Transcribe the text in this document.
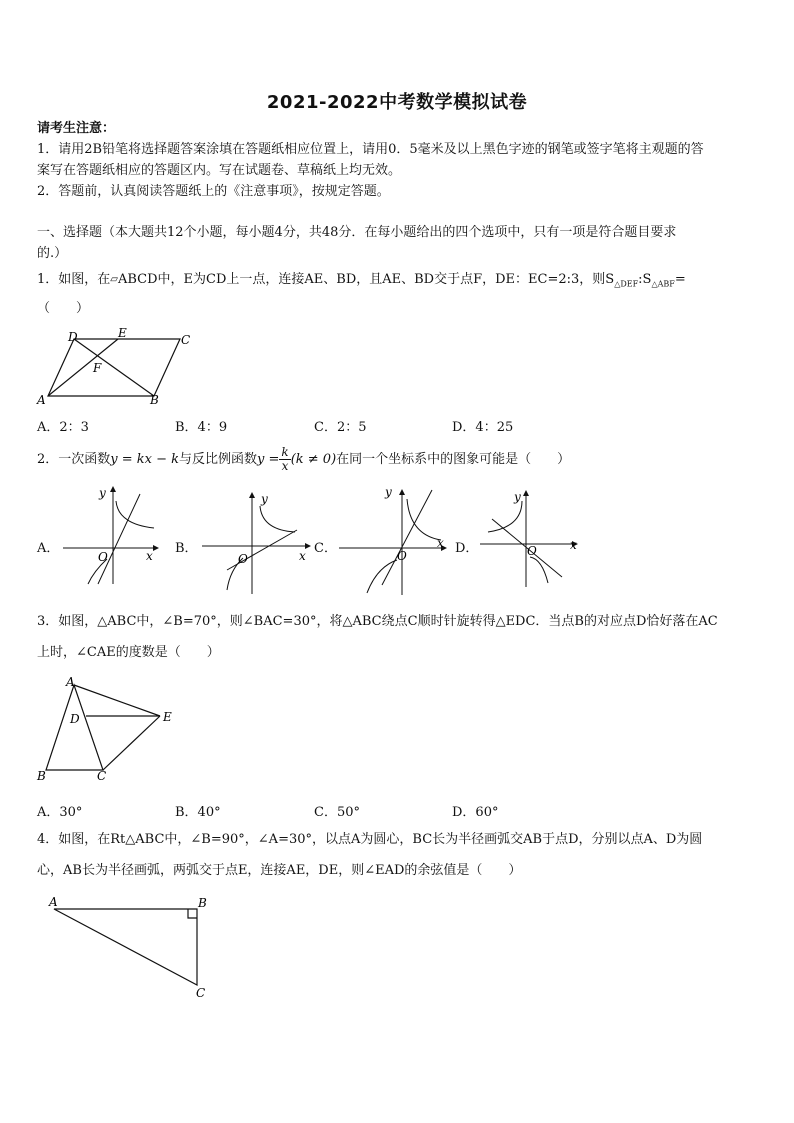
2021-2022中考数学模拟试卷
请考生注意：
1．请用2B铅笔将选择题答案涂填在答题纸相应位置上，请用0．5毫米及以上黑色字迹的钢笔或签字笔将主观题的答
案写在答题纸相应的答题区内。写在试题卷、草稿纸上均无效。
2．答题前，认真阅读答题纸上的《注意事项》，按规定答题。
一、选择题（本大题共12个小题，每小题4分，共48分．在每小题给出的四个选项中，只有一项是符合题目要求
的.）
1．如图，在▱ABCD中，E为CD上一点，连接AE、BD，且AE、BD交于点F，DE：EC=2:3，则$S_{\triangle DEF}:S_{\triangle ABF}=$
（　　）
D	E	C
F
A	B
A．2：3	B．4：9	C．2：5	D．4：25
2．一次函数y = kx − k与反比例函数$y = \frac{k}{x} (k \ne 0)$在同一个坐标系中的图象可能是（　　）
A．
y
x
O
B．
y
x
O
C．
y
x
O	D．
y
x
O
3．如图，△ABC中，∠B=70°，则∠BAC=30°，将△ABC绕点C顺时针旋转得△EDC．当点B的对应点D恰好落在AC
上时，∠CAE的度数是（　　）
A
D	E
B	C
A．30°	B．40°	C．50°	D．60°
4．如图，在Rt△ABC中，∠B=90°，∠A=30°，以点A为圆心，BC长为半径画弧交AB于点D，分别以点A、D为圆
心，AB长为半径画弧，两弧交于点E，连接AE，DE，则∠EAD的余弦值是（　　）
A	B
C
